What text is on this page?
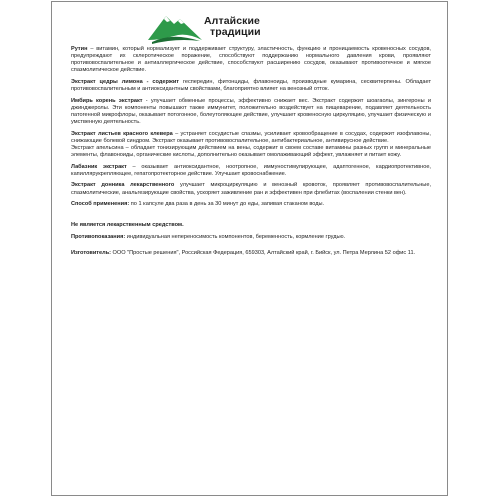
Алтайские
традиции

Рутин – витамин, который нормализует и поддерживает структуру, эластичность, функцию и проницаемость кровеносных сосудов, предупреждают их склеротическое поражение, способствуют поддержанию нормального давления крови, проявляют противовоспалительное и антиаллергическое действие, способствуют расширению сосудов, оказывают противоотечное и мягкое спазмолитическое действие.

Экстракт цедры лимона - содержит геспередин, фитонциды, флавоноиды, производные кумарина, сесквитерпены. Обладает противовоспалительным и антиоксидантным свойствами, благоприятно влияет на венозный отток.

Имбирь корень экстракт - улучшает обменные процессы, эффективно снижает вес. Экстракт содержит шоагаолы, зингероны и джинджеролы. Эти компоненты повышают также иммунитет, положительно воздействует на пищеварение, подавляет деятельность патогенной микрофлоры, оказывает потогонное, болеутоляющее действие, улучшает кровеносную циркуляцию, улучшает физическую и умственную деятельность.

Экстракт листьев красного клевера – устраняет сосудистые спазмы, усиливает кровообращение в сосудах, содержит изофлавоны, снижающие болевой синдром. Экстракт оказывает противовоспалительное, антибактериальное, антивирусное действие.

Экстракт апельсина – обладает тонизирующим действием на вены, содержит в своем составе витамины разных групп и минеральные элементы, флавоноиды, органические кислоты, дополнительно оказывает омолаживающий эффект, увлажняет и питает кожу.

Лабазник экстракт – оказывает антиоксидантное, ноотропное, иммуностимулирующее, адаптогенное, кардиопротективное, капиллярукрепляющее, гепатопротекторное действие. Улучшает кровоснабжение.

Экстракт донника лекарственного улучшает микроциркуляцию и венозный кровоток, проявляет противовоспалительные, спазмолитические, анальгезирующие свойства, ускоряет заживление ран и эффективен при флебитах (воспалении стенки вен).

Способ применения: по 1 капсуле два раза в день за 30 минут до еды, запивая стаканом воды.

Не является лекарственным средством.

Противопоказания: индивидуальная непереносимость компонентов, беременность, кормление грудью.

Изготовитель: ООО "Простые решения", Российская Федерация, 659303, Алтайский край, г. Бийск, ул. Петра Мерлина 52 офис 11.
